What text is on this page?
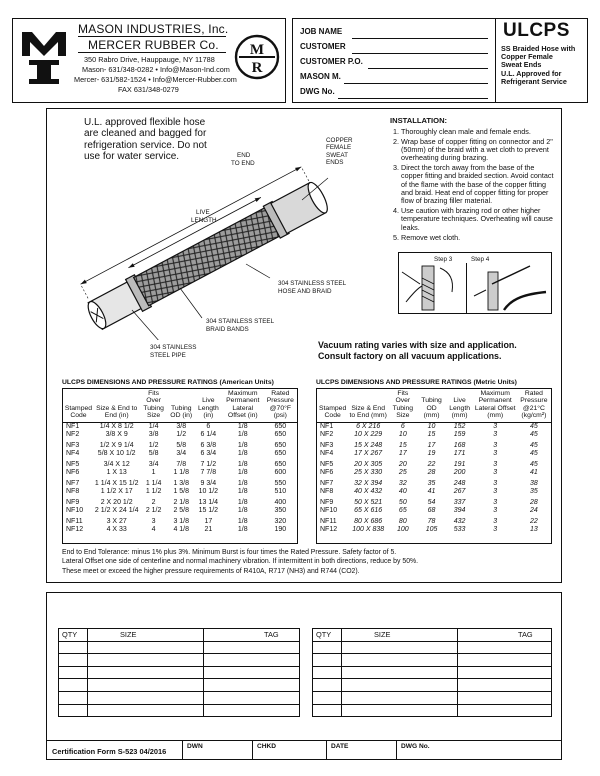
MASON INDUSTRIES, Inc.
MERCER RUBBER Co.
350 Rabro Drive, Hauppauge, NY 11788
Mason- 631/348-0282 • Info@Mason-Ind.com
Mercer- 631/582-1524 • Info@Mercer-Rubber.com
FAX 631/348-0279
M
R
JOB NAME
CUSTOMER
CUSTOMER P.O.
MASON M.
DWG No.
ULCPS
SS Braided Hose with
Copper Female
Sweat Ends
U.L. Approved for
Refrigerant Service
U.L. approved flexible hose
are cleaned and bagged for
refrigeration service. Do not
use for water service.	END
TO END
COPPER
FEMALE
SWEAT
ENDS
LIVE
LENGTH
304 STAINLESS STEEL
HOSE AND BRAID
304 STAINLESS STEEL
BRAID BANDS
304 STAINLESS
STEEL PIPE
INSTALLATION:
1. Thoroughly clean male and female ends.
2. Wrap base of copper fitting on connector and 2" (50mm) of the braid with a wet cloth to prevent overheating during brazing.
3. Direct the torch away from the base of the copper fitting and braided section. Avoid contact of the flame with the base of the copper fitting and braid. Heat end of copper fitting for proper flow of brazing filler material.
4. Use caution with brazing rod or other higher temperature techniques. Overheating will cause leaks.
5. Remove wet cloth.
Step 3	Step 4
Vacuum rating varies with size and application.
Consult factory on all vacuum applications.
ULCPS DIMENSIONS AND PRESSURE RATINGS (American Units)
Stamped Code	Size & End to End (in)	Fits Over Tubing Size	Tubing OD (in)	Live Length (in)	Maximum Permanent Lateral Offset (in)	Rated Pressure @70°F (psi)
NF1	1/4 X 8 1/2	1/4	3/8	6	1/8	650
NF2	3/8 X 9	3/8	1/2	6 1/4	1/8	650
NF3	1/2 X 9 1/4	1/2	5/8	6 3/8	1/8	650
NF4	5/8 X 10 1/2	5/8	3/4	6 3/4	1/8	650
NF5	3/4 X 12	3/4	7/8	7 1/2	1/8	650
NF6	1 X 13	1	1 1/8	7 7/8	1/8	600
NF7	1 1/4 X 15 1/2	1 1/4	1 3/8	9 3/4	1/8	550
NF8	1 1/2 X 17	1 1/2	1 5/8	10 1/2	1/8	510
NF9	2 X 20 1/2	2	2 1/8	13 1/4	1/8	400
NF10	2 1/2 X 24 1/4	2 1/2	2 5/8	15 1/2	1/8	350
NF11	3 X 27	3	3 1/8	17	1/8	320
NF12	4 X 33	4	4 1/8	21	1/8	190
ULCPS DIMENSIONS AND PRESSURE RATINGS (Metric Units)
Stamped Code	Size & End to End (mm)	Fits Over Tubing Size	Tubing OD (mm)	Live Length (mm)	Maximum Permanent Lateral Offset (mm)	Rated Pressure @21°C (kg/cm²)
NF1	6 X 216	6	10	152	3	45
NF2	10 X 229	10	15	159	3	45
NF3	15 X 248	15	17	168	3	45
NF4	17 X 267	17	19	171	3	45
NF5	20 X 305	20	22	191	3	45
NF6	25 X 330	25	28	200	3	41
NF7	32 X 394	32	35	248	3	38
NF8	40 X 432	40	41	267	3	35
NF9	50 X 521	50	54	337	3	28
NF10	65 X 616	65	68	394	3	24
NF11	80 X 686	80	78	432	3	22
NF12	100 X 838	100	105	533	3	13
End to End Tolerance: minus 1% plus 3%. Minimum Burst is four times the Rated Pressure. Safety factor of 5.
Lateral Offset one side of centerline and normal machinery vibration. If intermittent in both directions, reduce by 50%.
These meet or exceed the higher pressure requirements of R410A, R717 (NH3) and R744 (CO2).
QTY	SIZE	TAG

			QTY	SIZE	TAG

Certification Form S-523 04/2016
DWN	CHKD	DATE	DWG No.
